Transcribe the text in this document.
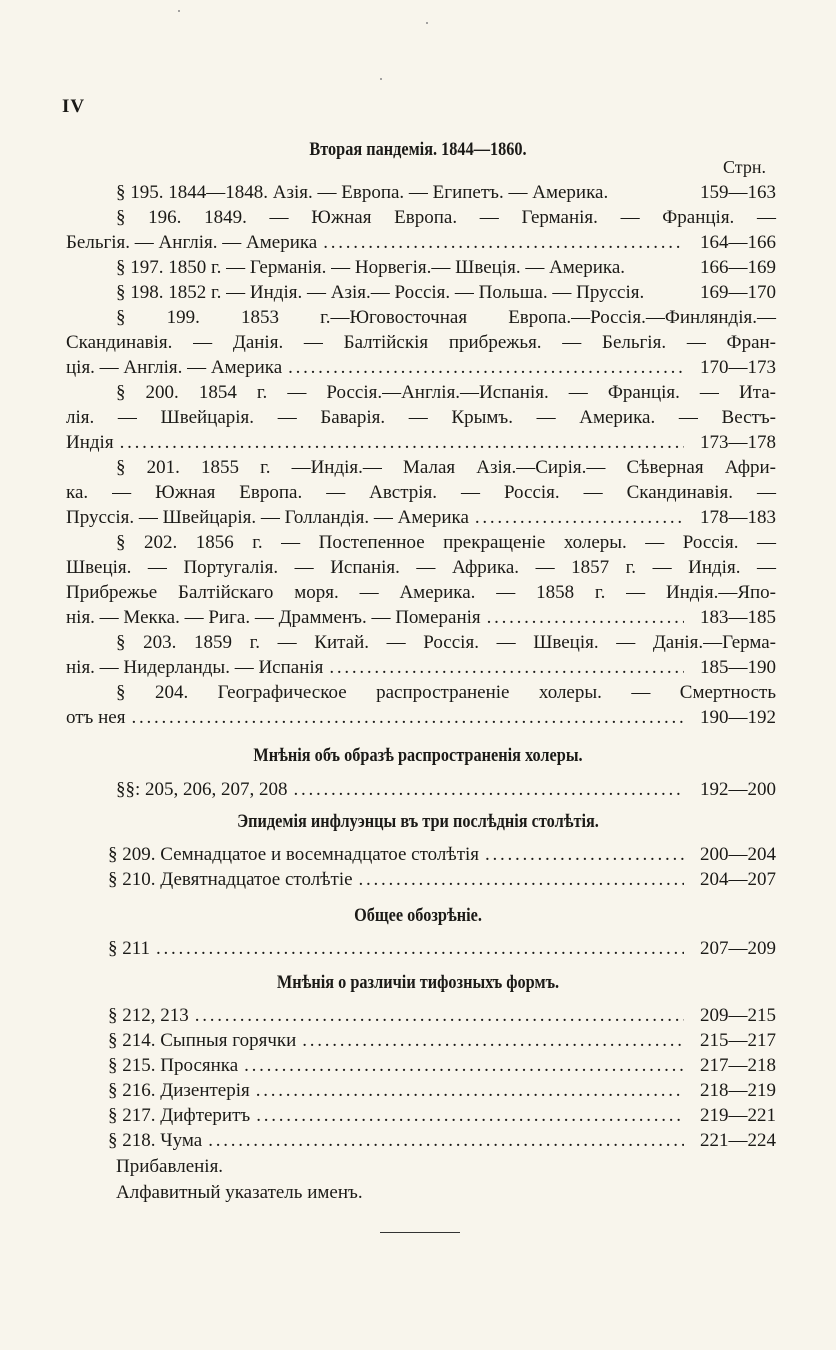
IV
Вторая пандемія. 1844—1860.
Стрн.
§ 195. 1844—1848. Азія. — Европа. — Египетъ. — Америка.	159—163
§ 196. 1849. — Южная Европа. — Германія. — Францiя. —
Бельгія. — Англія. — Америка . . .	164—166
§ 197. 1850 г. — Германія. — Норвегія.— Швеція. — Америка.	166—169
§ 198. 1852 г. — Индія. — Азія.— Россія. — Польша. — Пруссія.	169—170
§ 199. 1853 г.—Юговосточная Европа.—Россія.—Финляндія.—
Скандинавія. — Данія. — Балтійскія прибрежья. — Бельгія. — Фран-
ція. — Англія. — Америка . . .	170—173
§ 200. 1854 г. — Россія.—Англія.—Испанія. — Францiя. — Ита-
лія. — Швейцарія. — Баварія. — Крымъ. — Америка. — Вестъ-
Индія . . .	173—178
§ 201. 1855 г. —Индія.— Малая Азія.—Сирія.— Сѣверная Афри-
ка. — Южная Европа. — Австрія. — Россія. — Скандинавія. —
Пруссія. — Швейцарія. — Голландія. — Америка . . .	178—183
§ 202. 1856 г. — Постепенное прекращеніе холеры. — Россія. —
Швеція. — Португалія. — Испанія. — Африка. — 1857 г. — Индія. —
Прибрежье Балтійскаго моря. — Америка. — 1858 г. — Индія.—Япо-
нія. — Мекка. — Рига. — Драмменъ. — Померанія . . .	183—185
§ 203. 1859 г. — Китай. — Россія. — Швеція. — Данія.—Герма-
нія. — Нидерланды. — Испанія . . .	185—190
§ 204. Географическое распространеніе холеры. — Смертность
отъ нея . . .	190—192
Мнѣнія объ образѣ распространенія холеры.
§§: 205, 206, 207, 208 . . .	192—200
Эпидемія инфлуэнцы въ три послѣднія столѣтія.
§ 209. Семнадцатое и восемнадцатое столѣтія . . .	200—204
§ 210. Девятнадцатое столѣтіе . . .	204—207
Общее обозрѣніе.
§ 211 . . .	207—209
Мнѣнія о различіи тифозныхъ формъ.
§ 212, 213 . . .	209—215
§ 214. Сыпныя горячки . . .	215—217
§ 215. Просянка . . .	217—218
§ 216. Дизентерія . . .	218—219
§ 217. Дифтеритъ . . .	219—221
§ 218. Чума . . .	221—224
Прибавленія.
Алфавитный указатель именъ.
